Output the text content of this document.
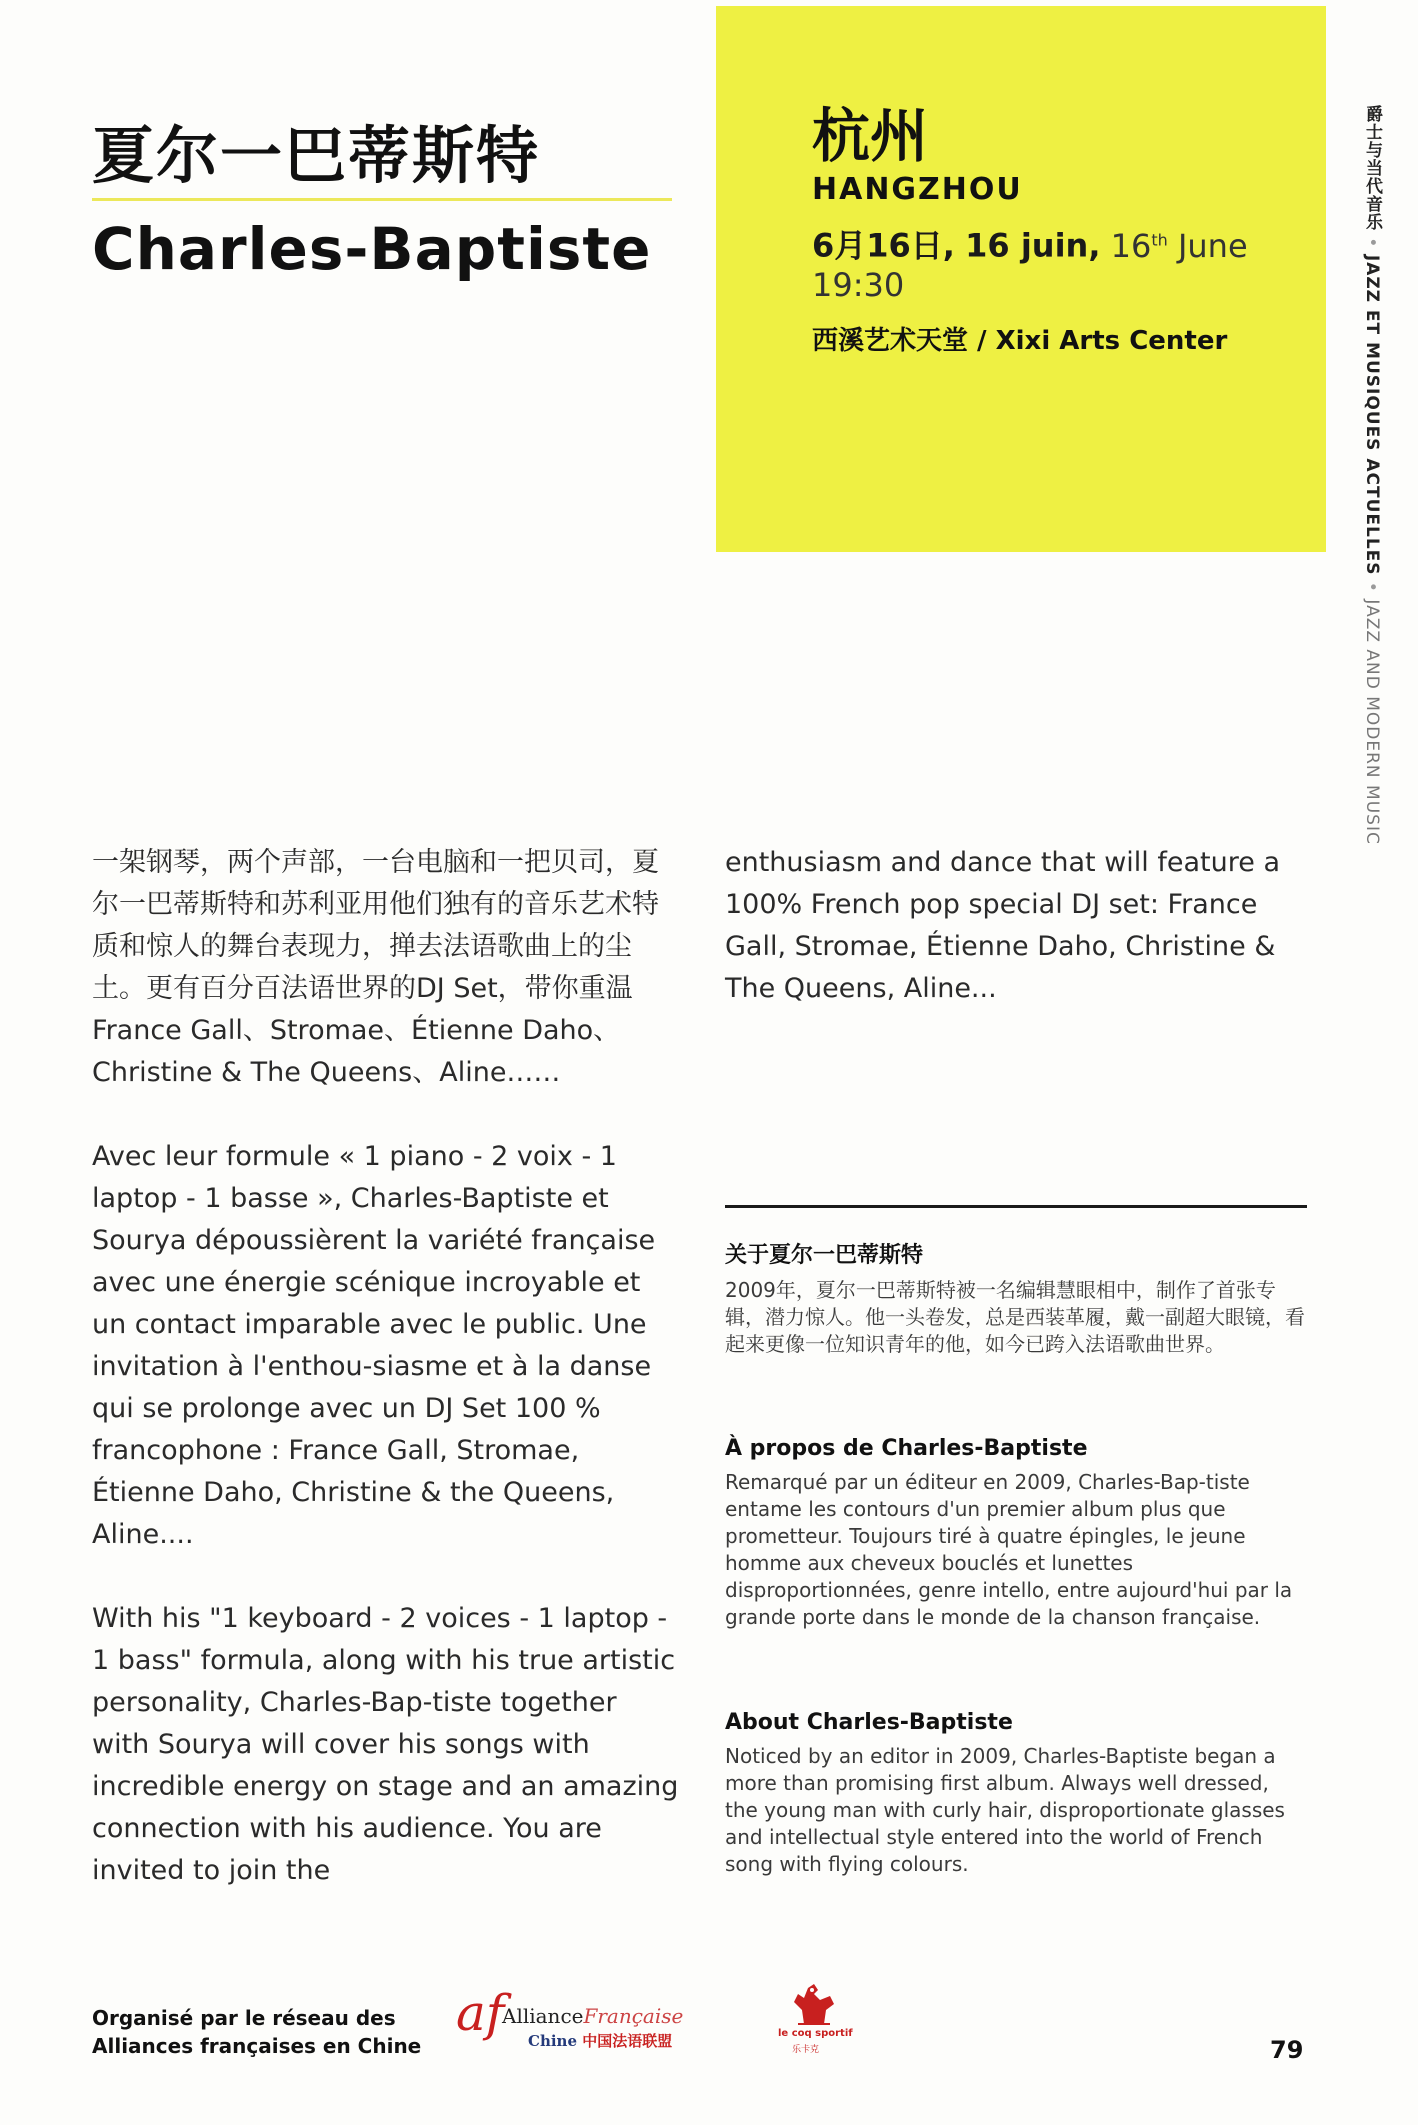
夏尔一巴蒂斯特
Charles-Baptiste
杭州
HANGZHOU
6月16日, 16 juin, 16th June
19:30
西溪艺术天堂 / Xixi Arts Center
爵士与当代音乐 • JAZZ ET MUSIQUES ACTUELLES • JAZZ AND MODERN MUSIC

一架钢琴，两个声部，一台电脑和一把贝司，夏尔一巴蒂斯特和苏利亚用他们独有的音乐艺术特质和惊人的舞台表现力，掸去法语歌曲上的尘土。更有百分百法语世界的DJ Set，带你重温France Gall、Stromae、Étienne Daho、Christine & The Queens、Aline……

Avec leur formule « 1 piano - 2 voix - 1 laptop - 1 basse », Charles-Baptiste et Sourya dépoussièrent la variété française avec une énergie scénique incroyable et un contact imparable avec le public. Une invitation à l'enthou-siasme et à la danse qui se prolonge avec un DJ Set 100 % francophone : France Gall, Stromae, Étienne Daho, Christine & the Queens, Aline....

With his "1 keyboard - 2 voices - 1 laptop - 1 bass" formula, along with his true artistic personality, Charles-Bap-tiste together with Sourya will cover his songs with incredible energy on stage and an amazing connection with his audience. You are invited to join the

enthusiasm and dance that will feature a 100% French pop special DJ set: France Gall, Stromae, Étienne Daho, Christine & The Queens, Aline...

关于夏尔一巴蒂斯特

2009年，夏尔一巴蒂斯特被一名编辑慧眼相中，制作了首张专辑，潜力惊人。他一头卷发，总是西装革履，戴一副超大眼镜，看起来更像一位知识青年的他，如今已跨入法语歌曲世界。

À propos de Charles-Baptiste

Remarqué par un éditeur en 2009, Charles-Bap-tiste entame les contours d'un premier album plus que prometteur. Toujours tiré à quatre épingles, le jeune homme aux cheveux bouclés et lunettes disproportionnées, genre intello, entre aujourd'hui par la grande porte dans le monde de la chanson française.

About Charles-Baptiste

Noticed by an editor in 2009, Charles-Baptiste began a more than promising first album. Always well dressed, the young man with curly hair, disproportionate glasses and intellectual style entered into the world of French song with flying colours.

Organisé par le réseau des
Alliances françaises en Chine
af
AllianceFrançaise
Chine 中国法语联盟	le coq sportif
乐卡克	79
